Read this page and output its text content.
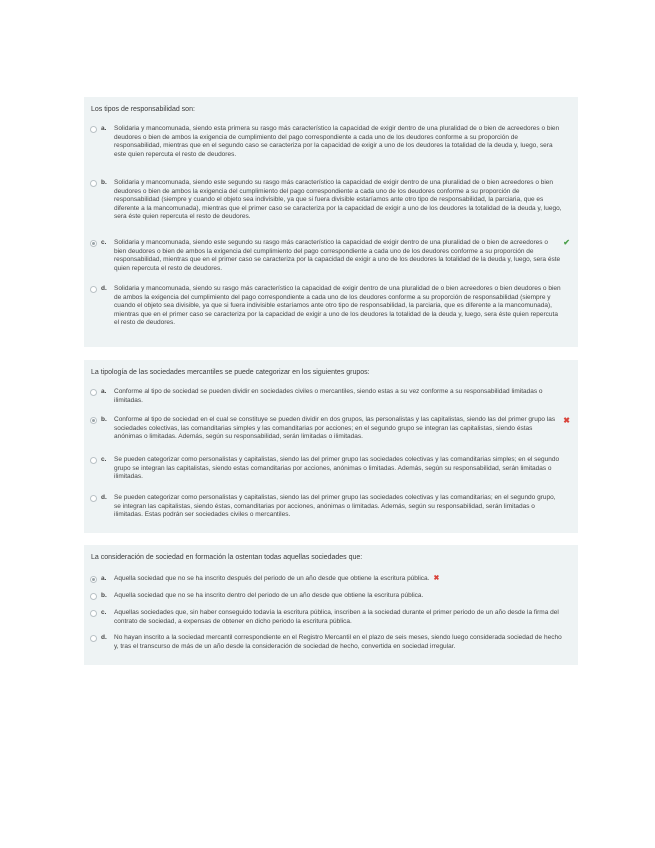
Los tipos de responsabilidad son:
a. Solidaria y mancomunada, siendo esta primera su rasgo más característico la capacidad de exigir dentro de una pluralidad de o bien de acreedores o bien deudores o bien de ambos la exigencia de cumplimiento del pago correspondiente a cada uno de los deudores conforme a su proporción de responsabilidad, mientras que en el segundo caso se caracteriza por la capacidad de exigir a uno de los deudores la totalidad de la deuda y, luego, sera este quien repercuta el resto de deudores.
b. Solidaria y mancomunada, siendo este segundo su rasgo más característico la capacidad de exigir dentro de una pluralidad de o bien acreedores o bien deudores o bien de ambos la exigencia del cumplimiento del pago correspondiente a cada uno de los deudores conforme a su proporción de responsabilidad (siempre y cuando el objeto sea indivisible, ya que si fuera divisible estaríamos ante otro tipo de responsabilidad, la parciaria, que es diferente a la mancomunada), mientras que el primer caso se caracteriza por la capacidad de exigir a uno de los deudores la totalidad de la deuda y, luego, sera éste quien repercuta el resto de deudores.
c. Solidaria y mancomunada, siendo este segundo su rasgo más característico la capacidad de exigir dentro de una pluralidad de o bien de acreedores o bien deudores o bien de ambos la exigencia del cumplimiento del pago correspondiente a cada uno de los deudores conforme a su proporción de responsabilidad, mientras que en el primer caso se caracteriza por la capacidad de exigir a uno de los deudores la totalidad de la deuda y, luego, sera éste quien repercuta el resto de deudores.
✔
d. Solidaria y mancomunada, siendo su rasgo más característico la capacidad de exigir dentro de una pluralidad de o bien acreedores o bien deudores o bien de ambos la exigencia del cumplimiento del pago correspondiente a cada uno de los deudores conforme a su proporción de responsabilidad (siempre y cuando el objeto sea divisible, ya que si fuera indivisible estaríamos ante otro tipo de responsabilidad, la parciaria, que es diferente a la mancomunada), mientras que en el primer caso se caracteriza por la capacidad de exigir a uno de los deudores la totalidad de la deuda y, luego, sera éste quien repercuta el resto de deudores.
La tipología de las sociedades mercantiles se puede categorizar en los siguientes grupos:
a. Conforme al tipo de sociedad se pueden dividir en sociedades civiles o mercantiles, siendo estas a su vez conforme a su responsabilidad limitadas o ilimitadas.
b. Conforme al tipo de sociedad en el cual se constituye se pueden dividir en dos grupos, las personalistas y las capitalistas, siendo las del primer grupo las sociedades colectivas, las comanditarias simples y las comanditarias por acciones; en el segundo grupo se integran las capitalistas, siendo éstas anónimas o limitadas. Además, según su responsabilidad, serán limitadas o ilimitadas.
✖
c. Se pueden categorizar como personalistas y capitalistas, siendo las del primer grupo las sociedades colectivas y las comanditarias simples; en el segundo grupo se integran las capitalistas, siendo estas comanditarias por acciones, anónimas o limitadas. Además, según su responsabilidad, serán limitadas o ilimitadas.
d. Se pueden categorizar como personalistas y capitalistas, siendo las del primer grupo las sociedades colectivas y las comanditarias; en el segundo grupo, se integran las capitalistas, siendo éstas, comanditarias por acciones, anónimas o limitadas. Además, según su responsabilidad, serán limitadas o ilimitadas. Estas podrán ser sociedades civiles o mercantiles.
La consideración de sociedad en formación la ostentan todas aquellas sociedades que:
a. Aquella sociedad que no se ha inscrito después del periodo de un año desde que obtiene la escritura pública. ✖
b. Aquella sociedad que no se ha inscrito dentro del periodo de un año desde que obtiene la escritura pública.
c. Aquellas sociedades que, sin haber conseguido todavía la escritura pública, inscriben a la sociedad durante el primer periodo de un año desde la firma del contrato de sociedad, a expensas de obtener en dicho periodo la escritura pública.
d. No hayan inscrito a la sociedad mercantil correspondiente en el Registro Mercantil en el plazo de seis meses, siendo luego considerada sociedad de hecho y, tras el transcurso de más de un año desde la consideración de sociedad de hecho, convertida en sociedad irregular.
